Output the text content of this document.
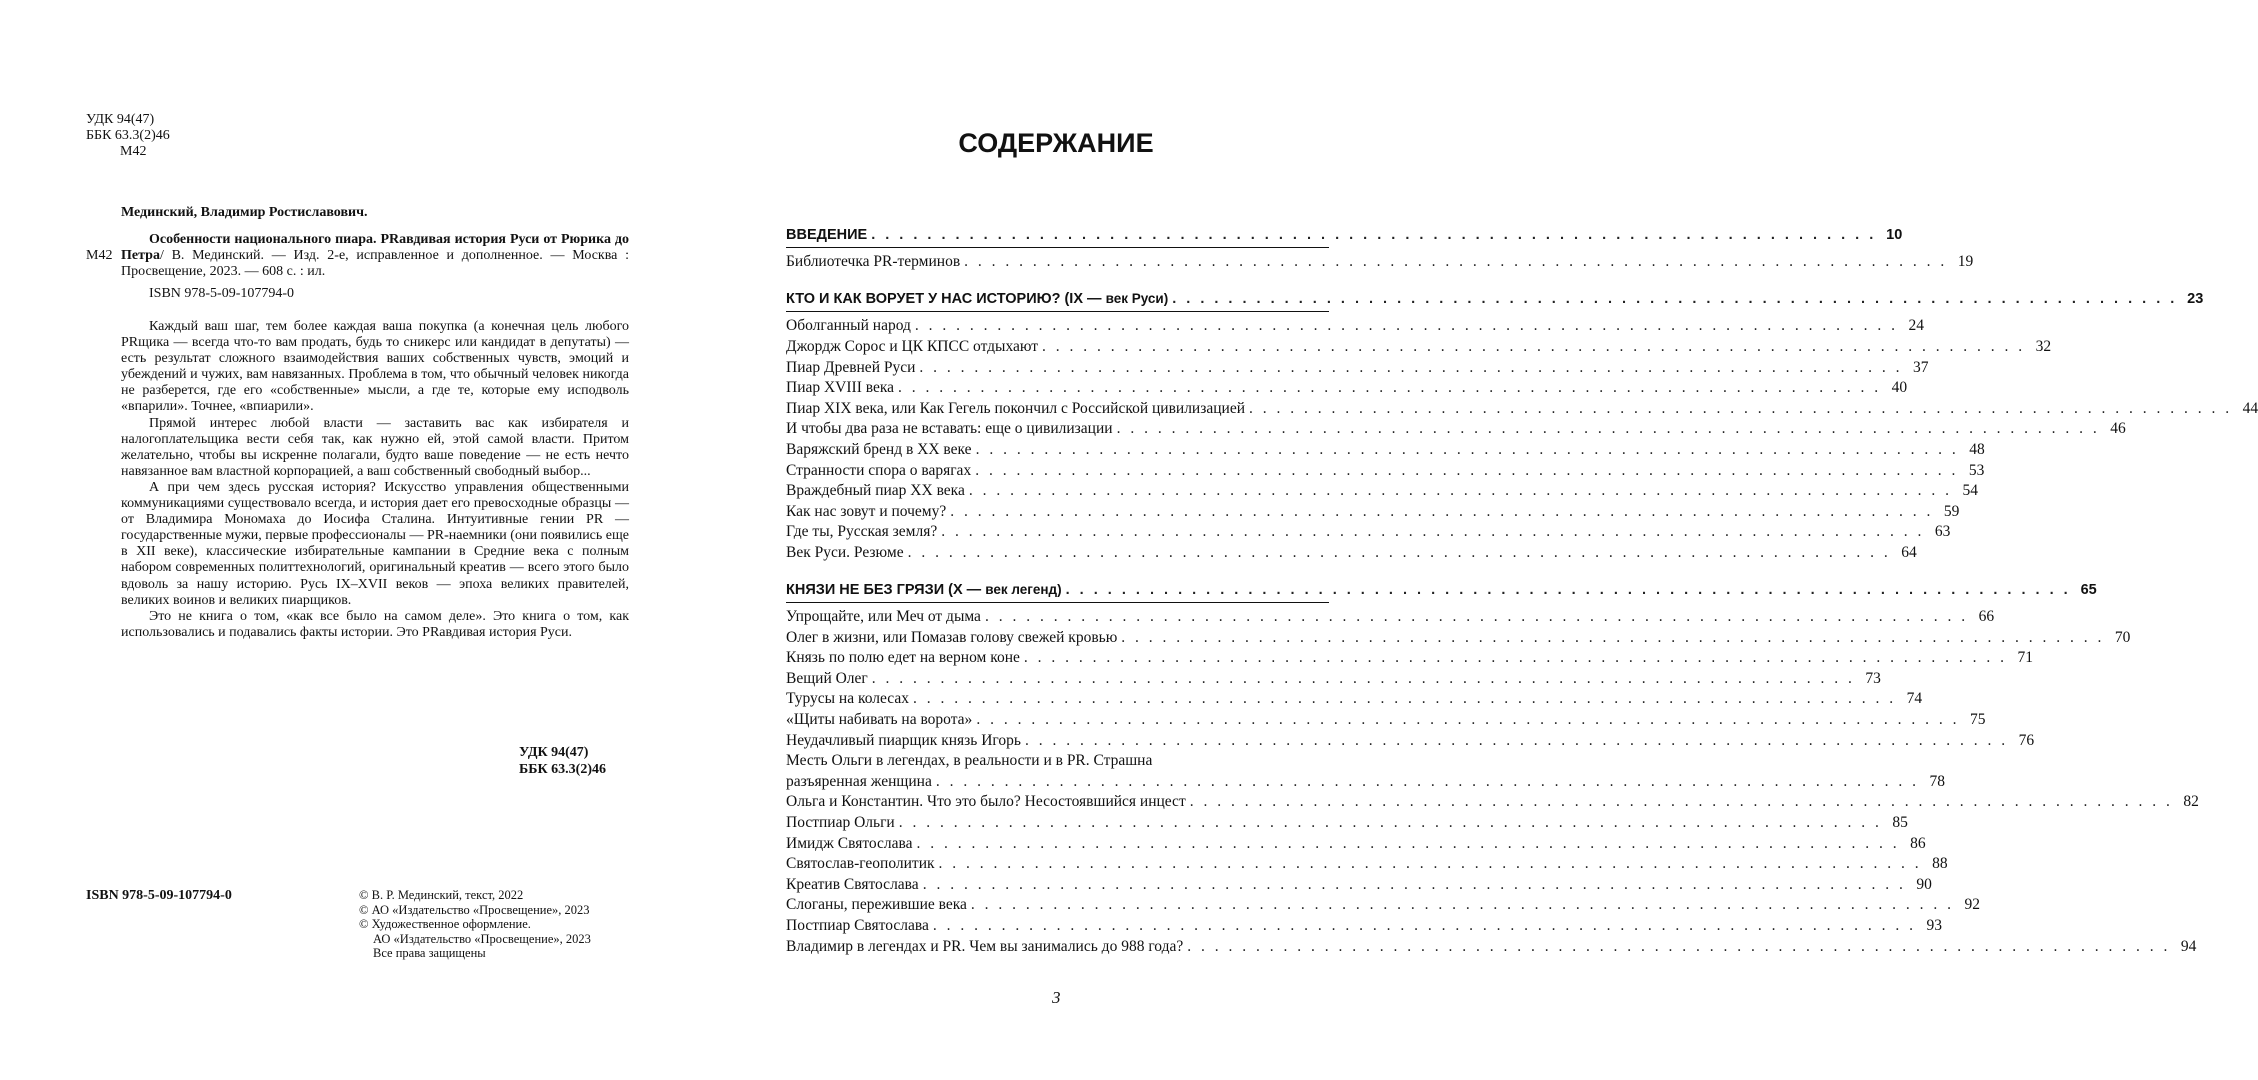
УДК 94(47)
ББК 63.3(2)46
М42
Мединский, Владимир Ростиславович.
М42
Особенности национального пиара. PRавдивая история Руси от Рюрика до Петра/ В. Мединский. — Изд. 2-е, исправленное и дополненное. — Москва : Просвещение, 2023. — 608 с. : ил.
ISBN 978-5-09-107794-0

Каждый ваш шаг, тем более каждая ваша покупка (а конечная цель любого PRщика — всегда что-то вам продать, будь то сникерс или кандидат в депутаты) — есть результат сложного взаимодействия ваших собственных чувств, эмоций и убеждений и чужих, вам навязанных. Проблема в том, что обычный человек никогда не разберется, где его «собственные» мысли, а где те, которые ему исподволь «впарили». Точнее, «впиарили».

Прямой интерес любой власти — заставить вас как избирателя и налогоплательщика вести себя так, как нужно ей, этой самой власти. Притом желательно, чтобы вы искренне полагали, будто ваше поведение — не есть нечто навязанное вам властной корпорацией, а ваш собственный свободный выбор...

А при чем здесь русская история? Искусство управления общественными коммуникациями существовало всегда, и история дает его превосходные образцы — от Владимира Мономаха до Иосифа Сталина. Интуитивные гении PR — государственные мужи, первые профессионалы — PR-наемники (они появились еще в XII веке), классические избирательные кампании в Средние века с полным набором современных политтехнологий, оригинальный креатив — всего этого было вдоволь за нашу историю. Русь IX–XVII веков — эпоха великих правителей, великих воинов и великих пиарщиков.

Это не книга о том, «как все было на самом деле». Это книга о том, как использовались и подавались факты истории. Это PRавдивая история Руси.

УДК 94(47)
ББК 63.3(2)46
ISBN 978-5-09-107794-0	© В. Р. Мединский, текст, 2022
© АО «Издательство «Просвещение», 2023
© Художественное оформление.
АО «Издательство «Просвещение», 2023
Все права защищены
СОДЕРЖАНИЕ
ВВЕДЕНИЕ . . . . . . . . . . . . . . . . . . . . . . . . . . . . . . . . . . . . . . . . . . . . . . . . . . . . . . . . . . . . . . . . . . . . . . . . 10
Библиотечка PR-терминов . . . . . . . . . . . . . . . . . . . . . . . . . . . . . . . . . . . . . . . . . . . . . . . . . . . . . . . . . . . . . . . . . . . . . . . . 19
КТО И КАК ВОРУЕТ У НАС ИСТОРИЮ? (IX — век Руси) . . . . . . . . . . . . . . . . . . . . . . . . . . . . . . . . . . . . . . . . . . . . . . . . . . . . . . . . . . . . . . . . . . . . . . . . 23
Оболганный народ . . . . . . . . . . . . . . . . . . . . . . . . . . . . . . . . . . . . . . . . . . . . . . . . . . . . . . . . . . . . . . . . . . . . . . . . 24
Джордж Сорос и ЦК КПСС отдыхают . . . . . . . . . . . . . . . . . . . . . . . . . . . . . . . . . . . . . . . . . . . . . . . . . . . . . . . . . . . . . . . . . . . . . . . . 32
Пиар Древней Руси . . . . . . . . . . . . . . . . . . . . . . . . . . . . . . . . . . . . . . . . . . . . . . . . . . . . . . . . . . . . . . . . . . . . . . . . 37
Пиар XVIII века . . . . . . . . . . . . . . . . . . . . . . . . . . . . . . . . . . . . . . . . . . . . . . . . . . . . . . . . . . . . . . . . . . . . . . . . 40
Пиар XIX века, или Как Гегель покончил с Российской цивилизацией . . . . . . . . . . . . . . . . . . . . . . . . . . . . . . . . . . . . . . . . . . . . . . . . . . . . . . . . . . . . . . . . . . . . . . . . 44
И чтобы два раза не вставать: еще о цивилизации . . . . . . . . . . . . . . . . . . . . . . . . . . . . . . . . . . . . . . . . . . . . . . . . . . . . . . . . . . . . . . . . . . . . . . . . 46
Варяжский бренд в XX веке . . . . . . . . . . . . . . . . . . . . . . . . . . . . . . . . . . . . . . . . . . . . . . . . . . . . . . . . . . . . . . . . . . . . . . . . 48
Странности спора о варягах . . . . . . . . . . . . . . . . . . . . . . . . . . . . . . . . . . . . . . . . . . . . . . . . . . . . . . . . . . . . . . . . . . . . . . . . 53
Враждебный пиар XX века . . . . . . . . . . . . . . . . . . . . . . . . . . . . . . . . . . . . . . . . . . . . . . . . . . . . . . . . . . . . . . . . . . . . . . . . 54
Как нас зовут и почему? . . . . . . . . . . . . . . . . . . . . . . . . . . . . . . . . . . . . . . . . . . . . . . . . . . . . . . . . . . . . . . . . . . . . . . . . 59
Где ты, Русская земля? . . . . . . . . . . . . . . . . . . . . . . . . . . . . . . . . . . . . . . . . . . . . . . . . . . . . . . . . . . . . . . . . . . . . . . . . 63
Век Руси. Резюме . . . . . . . . . . . . . . . . . . . . . . . . . . . . . . . . . . . . . . . . . . . . . . . . . . . . . . . . . . . . . . . . . . . . . . . . 64
КНЯЗИ НЕ БЕЗ ГРЯЗИ (X — век легенд) . . . . . . . . . . . . . . . . . . . . . . . . . . . . . . . . . . . . . . . . . . . . . . . . . . . . . . . . . . . . . . . . . . . . . . . . 65
Упрощайте, или Меч от дыма . . . . . . . . . . . . . . . . . . . . . . . . . . . . . . . . . . . . . . . . . . . . . . . . . . . . . . . . . . . . . . . . . . . . . . . . 66
Олег в жизни, или Помазав голову свежей кровью . . . . . . . . . . . . . . . . . . . . . . . . . . . . . . . . . . . . . . . . . . . . . . . . . . . . . . . . . . . . . . . . . . . . . . . . 70
Князь по полю едет на верном коне . . . . . . . . . . . . . . . . . . . . . . . . . . . . . . . . . . . . . . . . . . . . . . . . . . . . . . . . . . . . . . . . . . . . . . . . 71
Вещий Олег . . . . . . . . . . . . . . . . . . . . . . . . . . . . . . . . . . . . . . . . . . . . . . . . . . . . . . . . . . . . . . . . . . . . . . . . 73
Турусы на колесах . . . . . . . . . . . . . . . . . . . . . . . . . . . . . . . . . . . . . . . . . . . . . . . . . . . . . . . . . . . . . . . . . . . . . . . . 74
«Щиты набивать на ворота» . . . . . . . . . . . . . . . . . . . . . . . . . . . . . . . . . . . . . . . . . . . . . . . . . . . . . . . . . . . . . . . . . . . . . . . . 75
Неудачливый пиарщик князь Игорь . . . . . . . . . . . . . . . . . . . . . . . . . . . . . . . . . . . . . . . . . . . . . . . . . . . . . . . . . . . . . . . . . . . . . . . . 76
Месть Ольги в легендах, в реальности и в PR. Страшна
разъяренная женщина . . . . . . . . . . . . . . . . . . . . . . . . . . . . . . . . . . . . . . . . . . . . . . . . . . . . . . . . . . . . . . . . . . . . . . . . 78
Ольга и Константин. Что это было? Несостоявшийся инцест . . . . . . . . . . . . . . . . . . . . . . . . . . . . . . . . . . . . . . . . . . . . . . . . . . . . . . . . . . . . . . . . . . . . . . . . 82
Постпиар Ольги . . . . . . . . . . . . . . . . . . . . . . . . . . . . . . . . . . . . . . . . . . . . . . . . . . . . . . . . . . . . . . . . . . . . . . . . 85
Имидж Святослава . . . . . . . . . . . . . . . . . . . . . . . . . . . . . . . . . . . . . . . . . . . . . . . . . . . . . . . . . . . . . . . . . . . . . . . . 86
Святослав-геополитик . . . . . . . . . . . . . . . . . . . . . . . . . . . . . . . . . . . . . . . . . . . . . . . . . . . . . . . . . . . . . . . . . . . . . . . . 88
Креатив Святослава . . . . . . . . . . . . . . . . . . . . . . . . . . . . . . . . . . . . . . . . . . . . . . . . . . . . . . . . . . . . . . . . . . . . . . . . 90
Слоганы, пережившие века . . . . . . . . . . . . . . . . . . . . . . . . . . . . . . . . . . . . . . . . . . . . . . . . . . . . . . . . . . . . . . . . . . . . . . . . 92
Постпиар Святослава . . . . . . . . . . . . . . . . . . . . . . . . . . . . . . . . . . . . . . . . . . . . . . . . . . . . . . . . . . . . . . . . . . . . . . . . 93
Владимир в легендах и PR. Чем вы занимались до 988 года? . . . . . . . . . . . . . . . . . . . . . . . . . . . . . . . . . . . . . . . . . . . . . . . . . . . . . . . . . . . . . . . . . . . . . . . . 94
3
